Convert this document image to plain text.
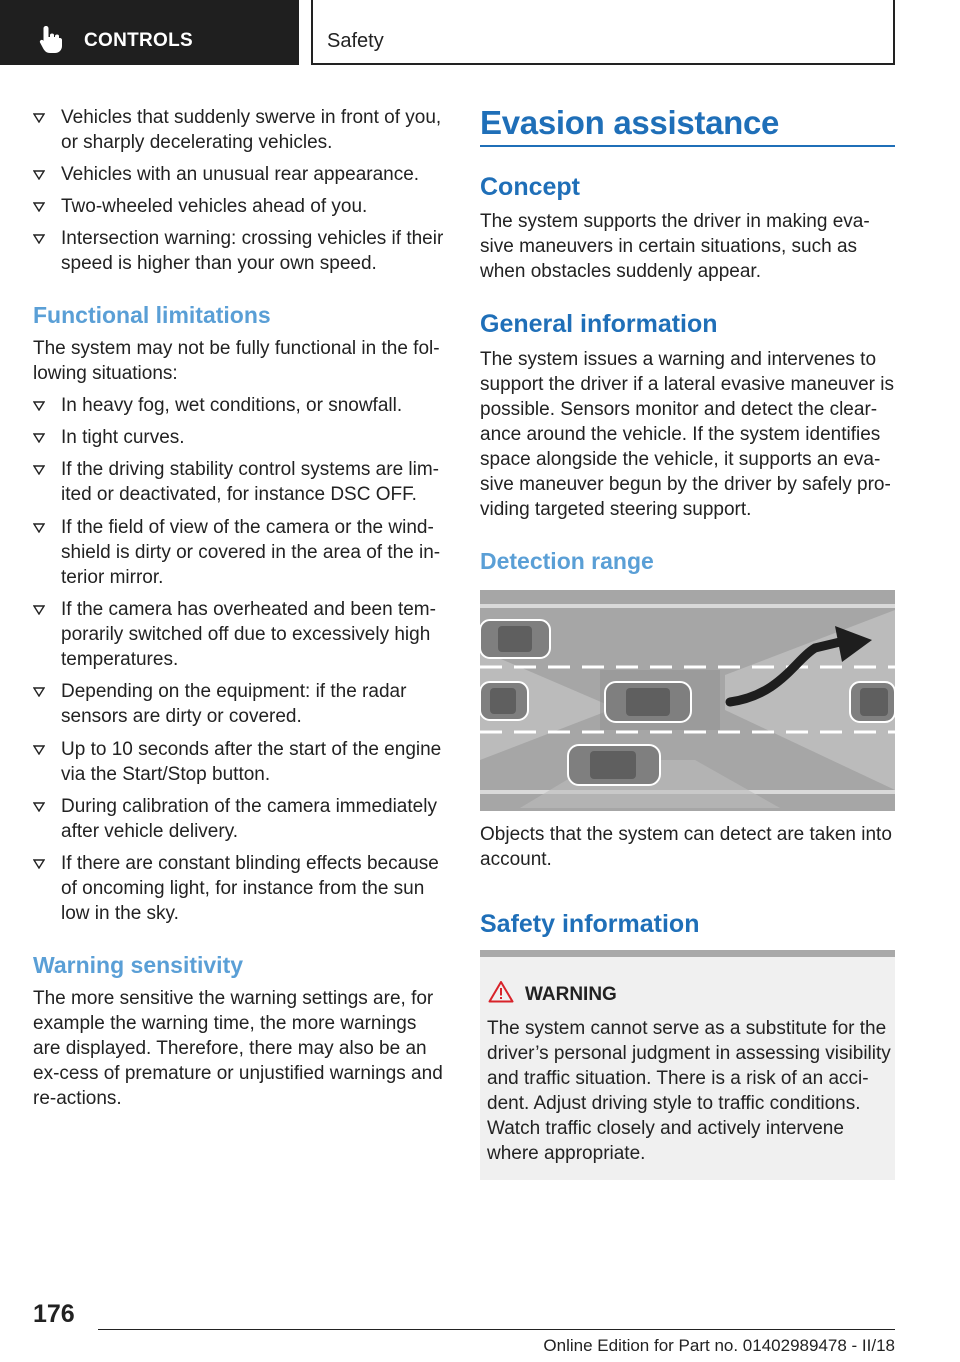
CONTROLS	Safety
Vehicles that suddenly swerve in front of you, or sharply decelerating vehicles.
Vehicles with an unusual rear appearance.
Two-wheeled vehicles ahead of you.
Intersection warning: crossing vehicles if their speed is higher than your own speed.
Functional limitations
The system may not be fully functional in the fol-lowing situations:
In heavy fog, wet conditions, or snowfall.
In tight curves.
If the driving stability control systems are lim-ited or deactivated, for instance DSC OFF.
If the field of view of the camera or the wind-shield is dirty or covered in the area of the in-terior mirror.
If the camera has overheated and been tem-porarily switched off due to excessively high temperatures.
Depending on the equipment: if the radar sensors are dirty or covered.
Up to 10 seconds after the start of the engine via the Start/Stop button.
During calibration of the camera immediately after vehicle delivery.
If there are constant blinding effects because of oncoming light, for instance from the sun low in the sky.
Warning sensitivity
The more sensitive the warning settings are, for example the warning time, the more warnings are displayed. Therefore, there may also be an ex-cess of premature or unjustified warnings and re-actions.
Evasion assistance
Concept
The system supports the driver in making eva-sive maneuvers in certain situations, such as when obstacles suddenly appear.
General information
The system issues a warning and intervenes to support the driver if a lateral evasive maneuver is possible. Sensors monitor and detect the clear-ance around the vehicle. If the system identifies space alongside the vehicle, it supports an eva-sive maneuver begun by the driver by safely pro-viding targeted steering support.
Detection range
Objects that the system can detect are taken into account.
Safety information
WARNING
The system cannot serve as a substitute for the driver’s personal judgment in assessing visibility and traffic situation. There is a risk of an acci-dent. Adjust driving style to traffic conditions. Watch traffic closely and actively intervene where appropriate.
176
Online Edition for Part no. 01402989478 - II/18
